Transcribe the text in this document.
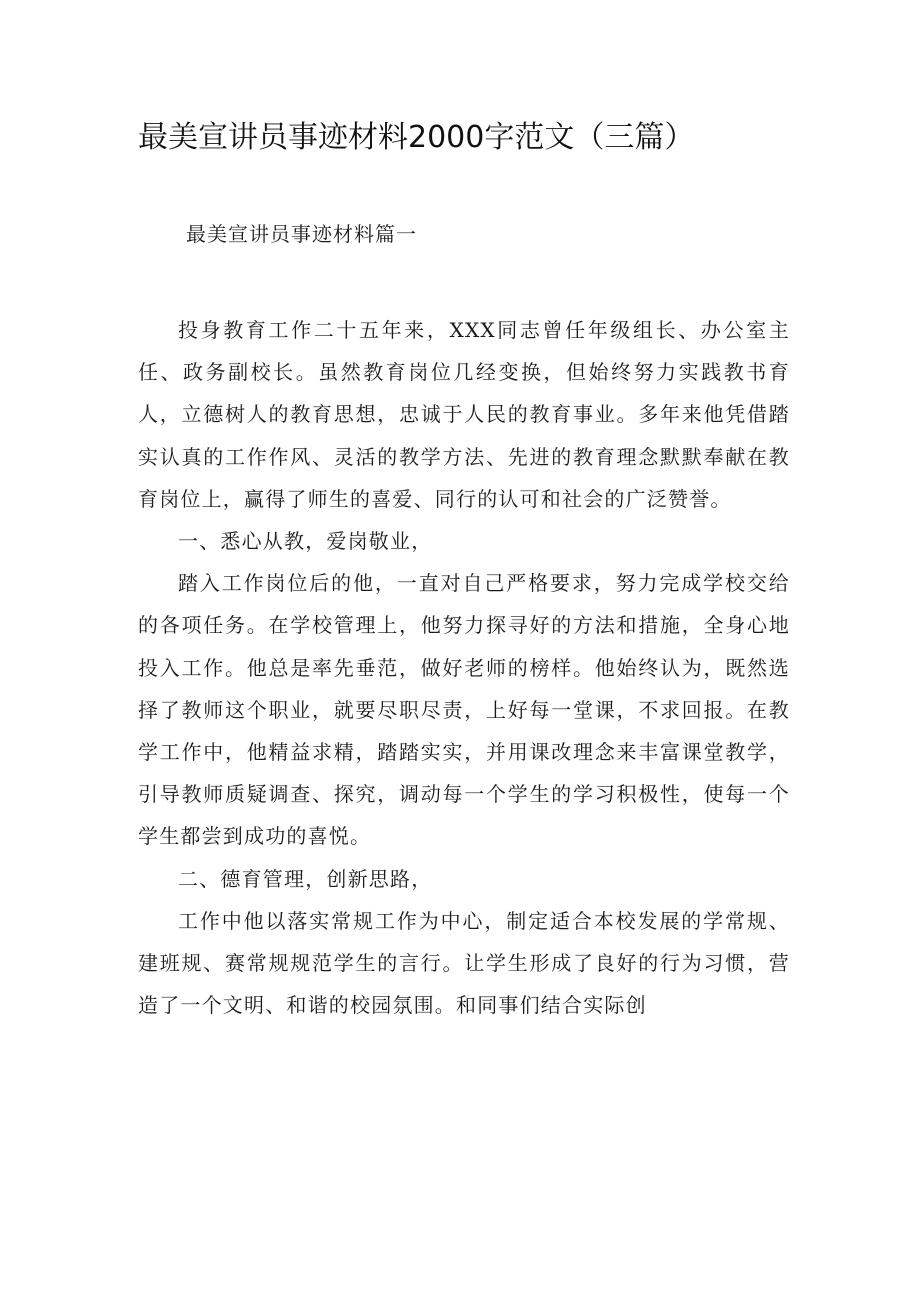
最美宣讲员事迹材料2000字范文（三篇）
最美宣讲员事迹材料篇一

投身教育工作二十五年来，XXX同志曾任年级组长、办公室主任、政务副校长。虽然教育岗位几经变换，但始终努力实践教书育人，立德树人的教育思想，忠诚于人民的教育事业。多年来他凭借踏实认真的工作作风、灵活的教学方法、先进的教育理念默默奉献在教育岗位上，赢得了师生的喜爱、同行的认可和社会的广泛赞誉。

一、悉心从教，爱岗敬业，

踏入工作岗位后的他，一直对自己严格要求，努力完成学校交给的各项任务。在学校管理上，他努力探寻好的方法和措施，全身心地投入工作。他总是率先垂范，做好老师的榜样。他始终认为，既然选择了教师这个职业，就要尽职尽责，上好每一堂课，不求回报。在教学工作中，他精益求精，踏踏实实，并用课改理念来丰富课堂教学，引导教师质疑调查、探究，调动每一个学生的学习积极性，使每一个学生都尝到成功的喜悦。

二、德育管理，创新思路，

工作中他以落实常规工作为中心，制定适合本校发展的学常规、建班规、赛常规规范学生的言行。让学生形成了良好的行为习惯，营造了一个文明、和谐的校园氛围。和同事们结合实际创
